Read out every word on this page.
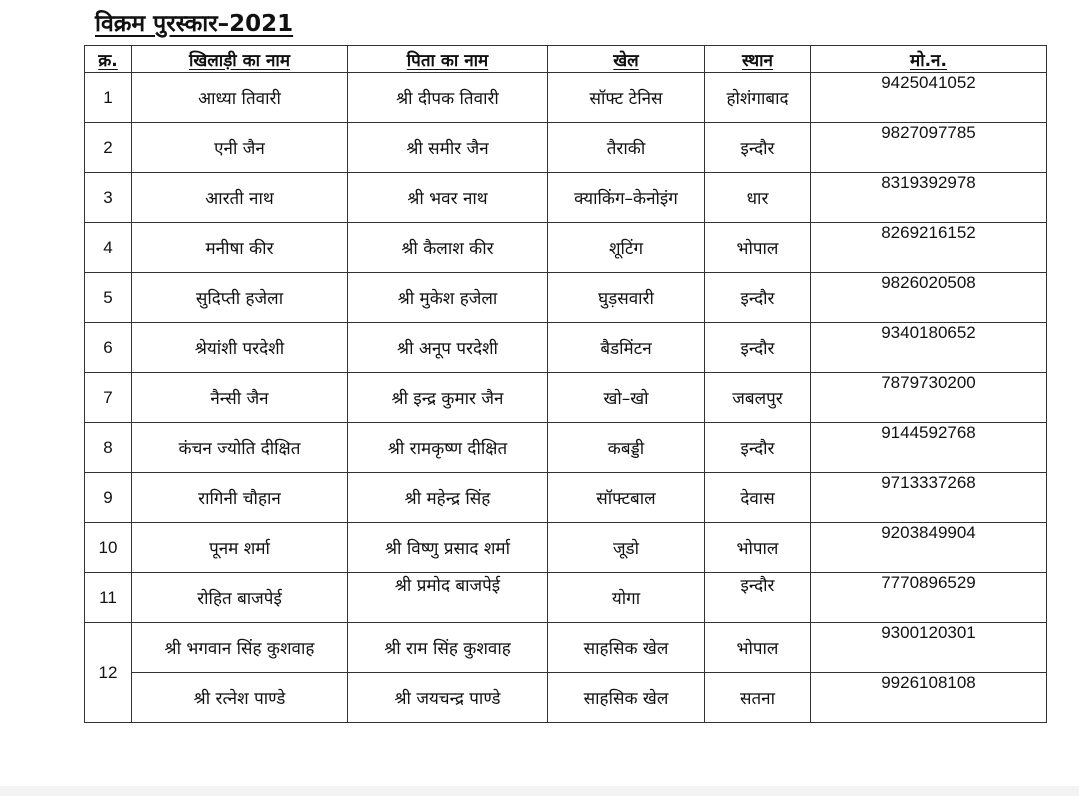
विक्रम पुरस्कार–2021
क्र.	खिलाड़ी का नाम	पिता का नाम	खेल	स्थान	मो.न.
1	आध्या तिवारी	श्री दीपक तिवारी	सॉफ्ट टेनिस	होशंगाबाद	9425041052
2	एनी जैन	श्री समीर जैन	तैराकी	इन्दौर	9827097785
3	आरती नाथ	श्री भवर नाथ	क्याकिंग–केनोइंग	धार	8319392978
4	मनीषा कीर	श्री कैलाश कीर	शूटिंग	भोपाल	8269216152
5	सुदिप्ती हजेला	श्री मुकेश हजेला	घुड़सवारी	इन्दौर	9826020508
6	श्रेयांशी परदेशी	श्री अनूप परदेशी	बैडमिंटन	इन्दौर	9340180652
7	नैन्सी जैन	श्री इन्द्र कुमार जैन	खो–खो	जबलपुर	7879730200
8	कंचन ज्योति दीक्षित	श्री रामकृष्ण दीक्षित	कबड्डी	इन्दौर	9144592768
9	रागिनी चौहान	श्री महेन्द्र सिंह	सॉफ्टबाल	देवास	9713337268
10	पूनम शर्मा	श्री विष्णु प्रसाद शर्मा	जूडो	भोपाल	9203849904
11	रोहित बाजपेई	श्री प्रमोद बाजपेई	योगा	इन्दौर	7770896529
12	श्री भगवान सिंह कुशवाह	श्री राम सिंह कुशवाह	साहसिक खेल	भोपाल	9300120301
	श्री रत्नेश पाण्डे	श्री जयचन्द्र पाण्डे	साहसिक खेल	सतना	9926108108
